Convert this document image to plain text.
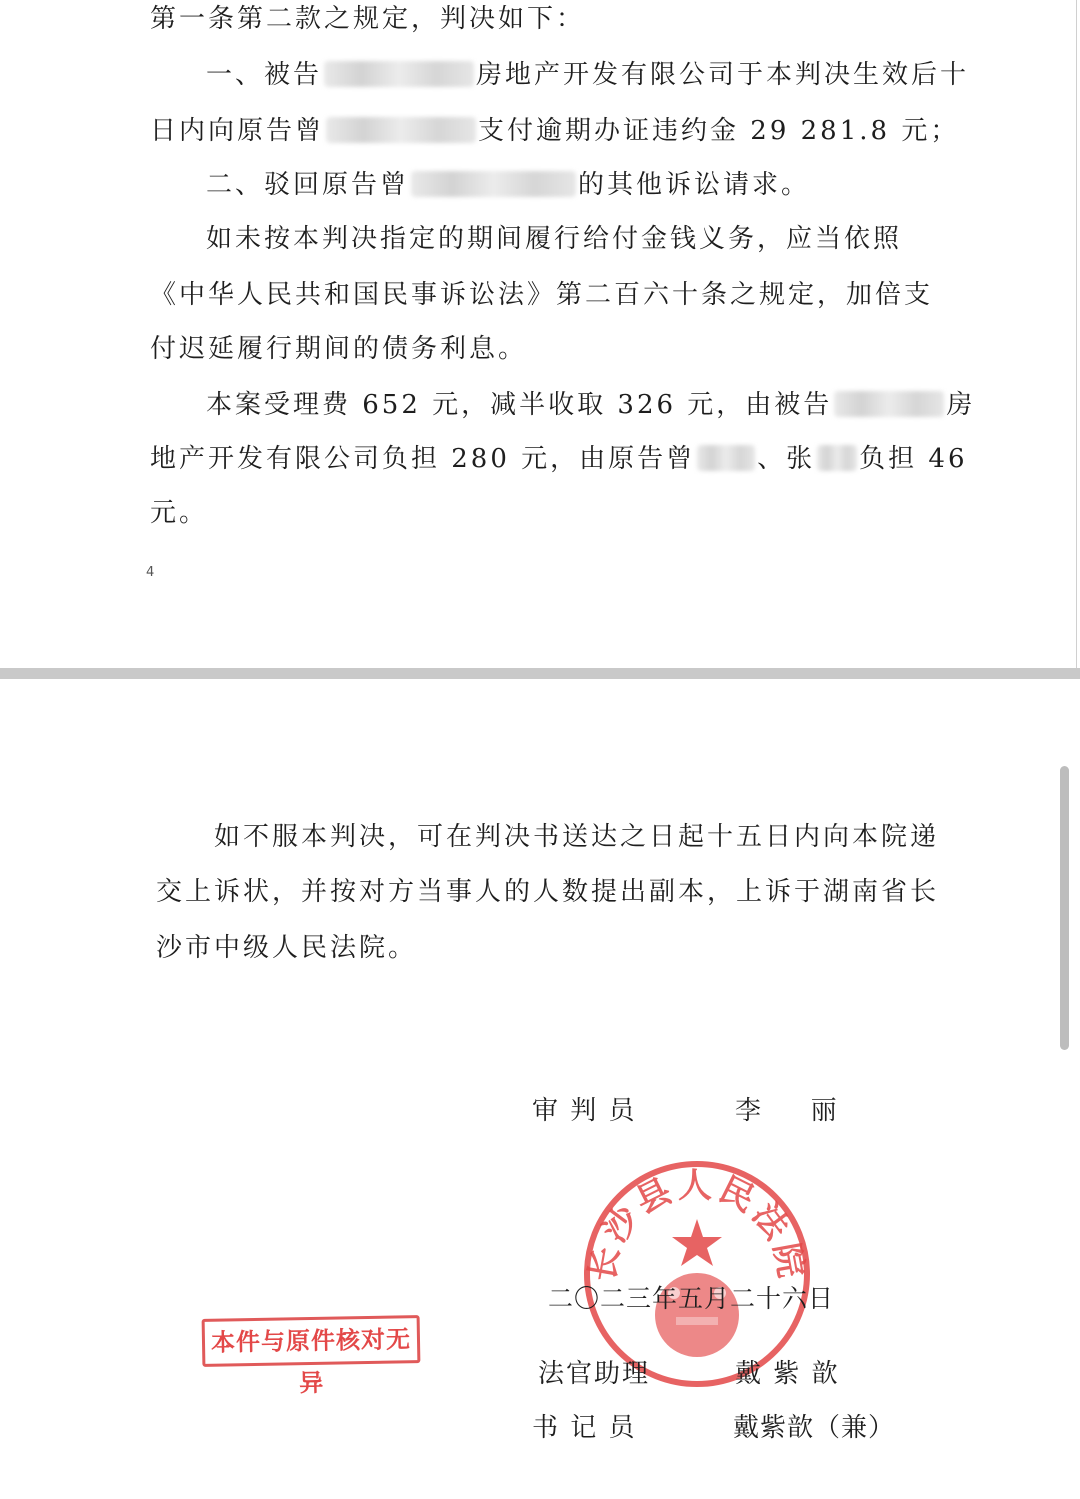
第一条第二款之规定，判决如下：
一、被告	房地产开发有限公司于本判决生效后十
日内向原告曾	支付逾期办证违约金 29 281.8 元；
二、驳回原告曾	的其他诉讼请求。
如未按本判决指定的期间履行给付金钱义务，应当依照
《中华人民共和国民事诉讼法》第二百六十条之规定，加倍支
付迟延履行期间的债务利息。
本案受理费 652 元，减半收取 326 元，由被告	房
地产开发有限公司负担 280 元，由原告曾 、张 负担 46
元。
4
如不服本判决，可在判决书送达之日起十五日内向本院递
交上诉状，并按对方当事人的人数提出副本，上诉于湖南省长
沙市中级人民法院。
审 判 员	李      丽
长沙县人民法院
二〇二三年五月二十六日
本件与原件核对无异	法官助理	戴 紫 歆
书 记 员	戴紫歆（兼）
